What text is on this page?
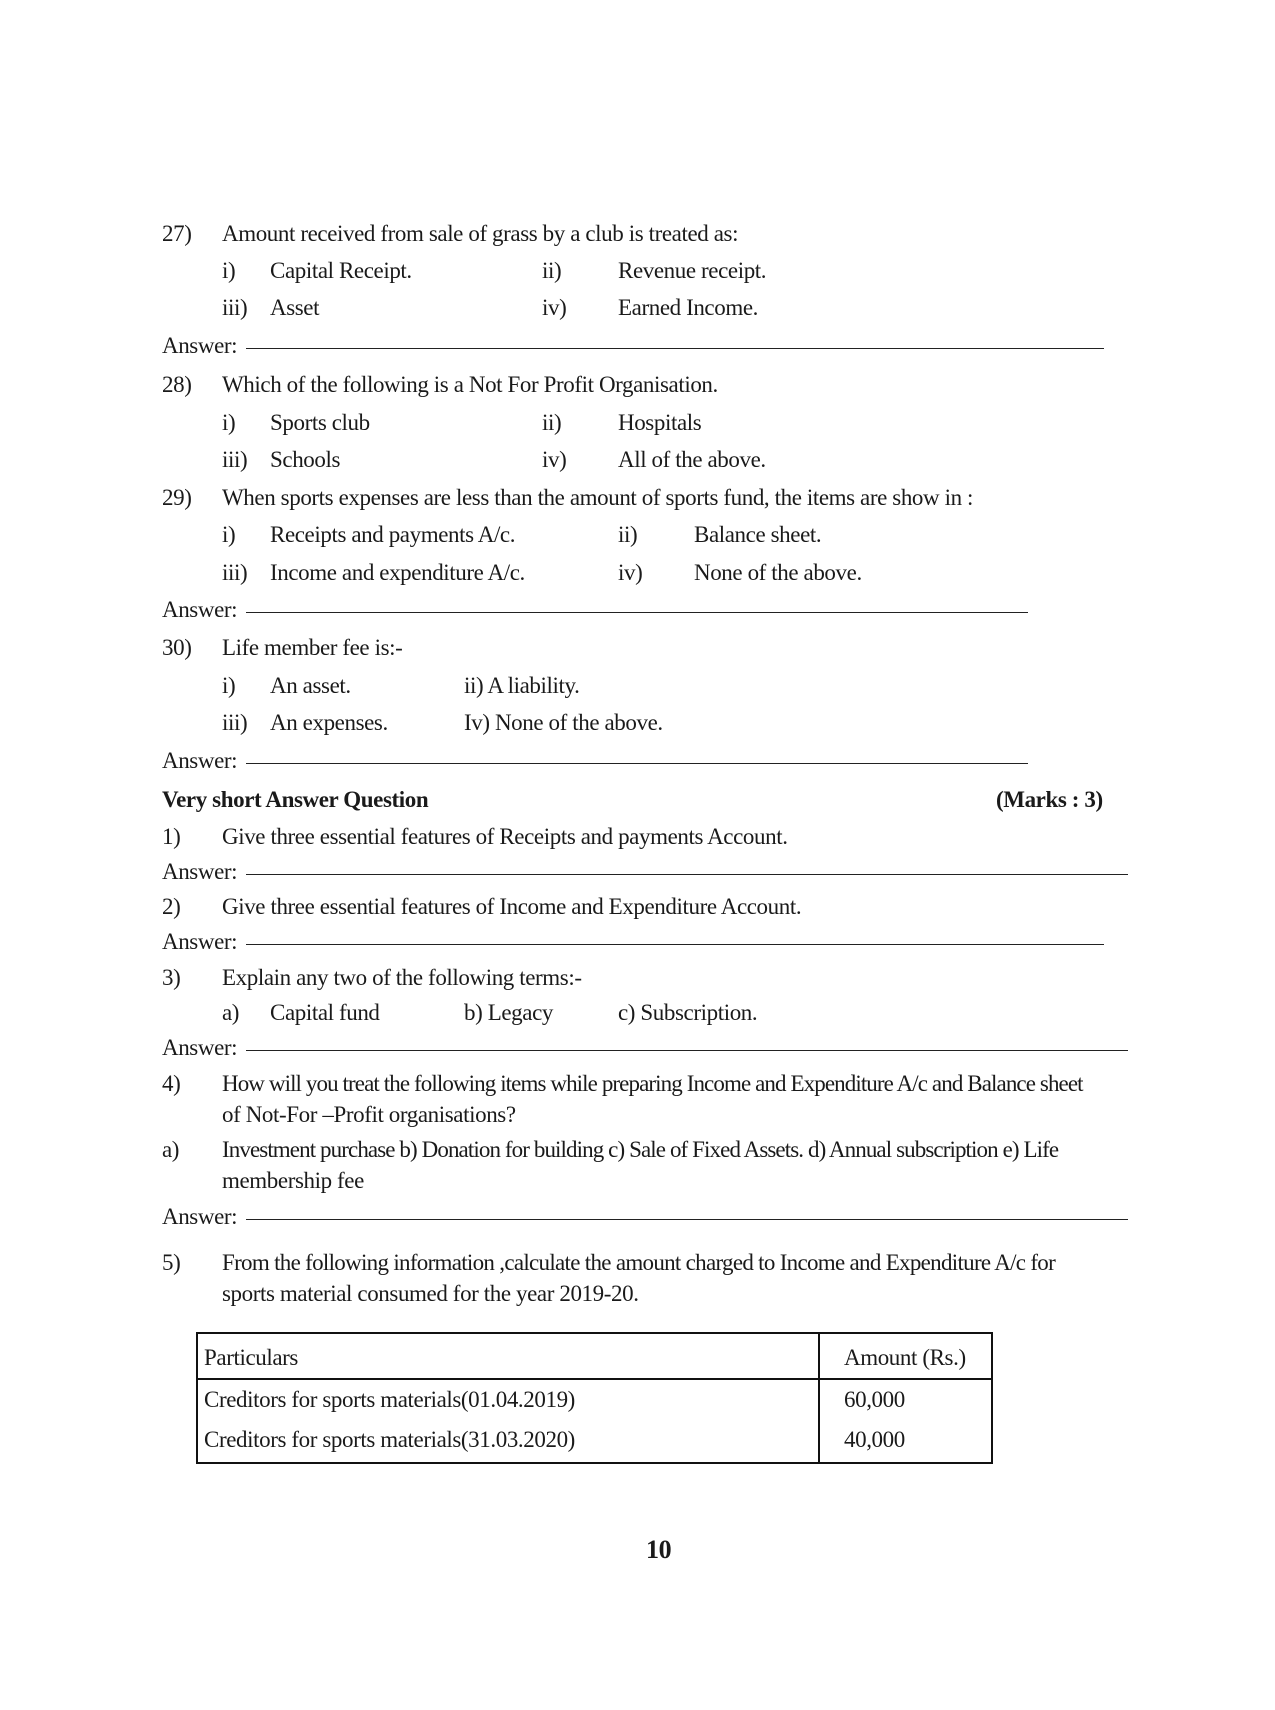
27) Amount received from sale of grass by a club is treated as:
i) Capital Receipt.	ii) Revenue receipt.
iii) Asset	iv) Earned Income.
Answer:
28) Which of the following is a Not For Profit Organisation.
i) Sports club	ii) Hospitals
iii) Schools	iv) All of the above.
29) When sports expenses are less than the amount of sports fund, the items are show in :
i) Receipts and payments A/c.	ii) Balance sheet.
iii) Income and expenditure A/c.	iv) None of the above.
Answer:
30) Life member fee is:-
i) An asset.	ii) A liability.
iii) An expenses.	Iv) None of the above.
Answer:
Very short Answer Question	(Marks : 3)
1) Give three essential features of Receipts and payments Account.
Answer:
2) Give three essential features of Income and Expenditure Account.
Answer:
3) Explain any two of the following terms:-
a) Capital fund	b) Legacy	c) Subscription.
Answer:
4) How will you treat the following items while preparing Income and Expenditure A/c and Balance sheet
of Not-For –Profit organisations?
a) Investment purchase b) Donation for building c) Sale of Fixed Assets. d) Annual subscription e) Life
membership fee
Answer:
5) From the following information ,calculate the amount charged to Income and Expenditure A/c for
sports material consumed for the year 2019-20.
Particulars	Amount (Rs.)
Creditors for sports materials(01.04.2019)	60,000
Creditors for sports materials(31.03.2020)	40,000
10
